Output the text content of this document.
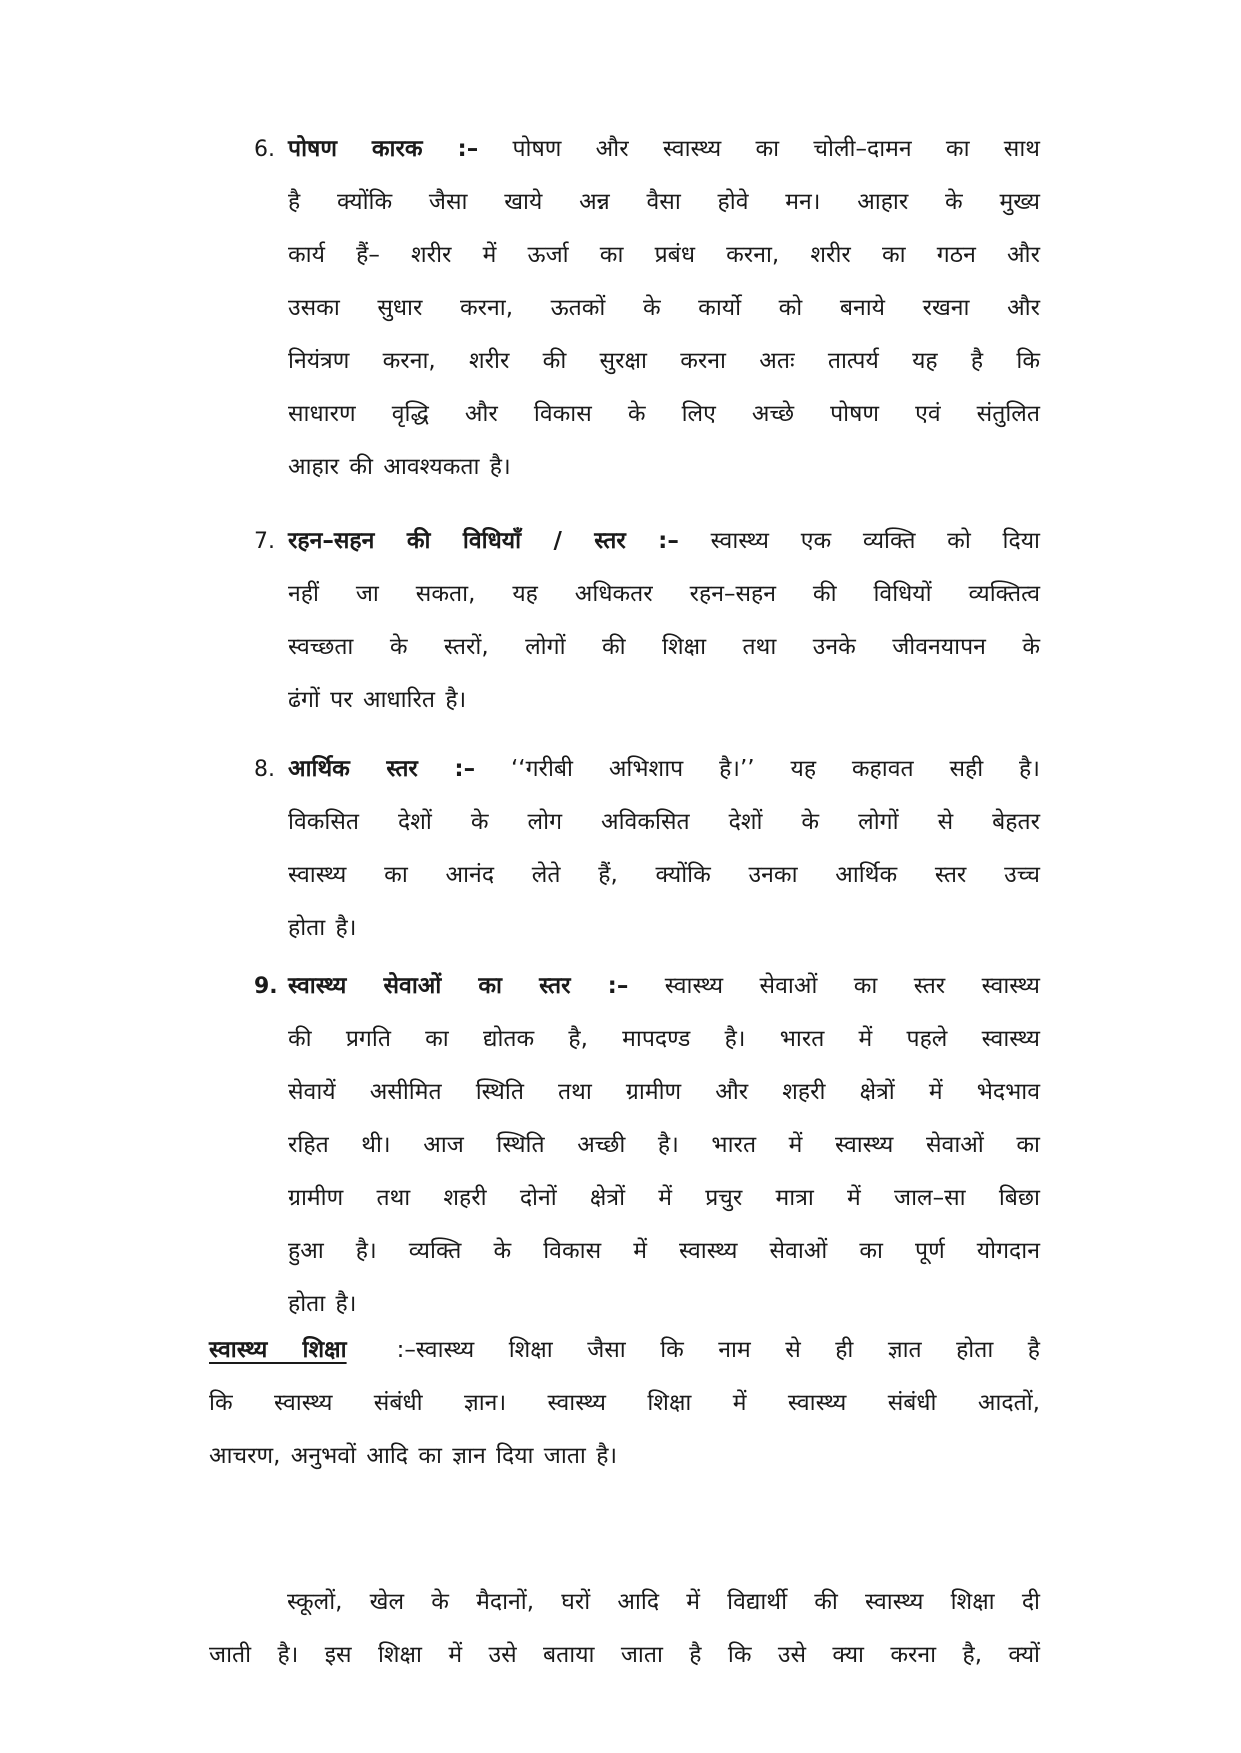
6. पोषण कारक :– पोषण और स्वास्थ्य का चोली–दामन का साथ
है क्योंकि जैसा खाये अन्न वैसा होवे मन। आहार के मुख्य
कार्य हैं– शरीर में ऊर्जा का प्रबंध करना, शरीर का गठन और
उसका सुधार करना, ऊतकों के कार्यो को बनाये रखना और
नियंत्रण करना, शरीर की सुरक्षा करना अतः तात्पर्य यह है कि
साधारण वृद्धि और विकास के लिए अच्छे पोषण एवं संतुलित
आहार की आवश्यकता है।
7. रहन–सहन की विधियाँ / स्तर :– स्वास्थ्य एक व्यक्ति को दिया
नहीं जा सकता, यह अधिकतर रहन–सहन की विधियों व्यक्तित्व
स्वच्छता के स्तरों, लोगों की शिक्षा तथा उनके जीवनयापन के
ढंगों पर आधारित है।
8. आर्थिक स्तर :– ‘‘गरीबी अभिशाप है।’’ यह कहावत सही है।
विकसित देशों के लोग अविकसित देशों के लोगों से बेहतर
स्वास्थ्य का आनंद लेते हैं, क्योंकि उनका आर्थिक स्तर उच्च
होता है।
9. स्वास्थ्य सेवाओं का स्तर :– स्वास्थ्य सेवाओं का स्तर स्वास्थ्य
की प्रगति का द्योतक है, मापदण्ड है। भारत में पहले स्वास्थ्य
सेवायें असीमित स्थिति तथा ग्रामीण और शहरी क्षेत्रों में भेदभाव
रहित थी। आज स्थिति अच्छी है। भारत में स्वास्थ्य सेवाओं का
ग्रामीण तथा शहरी दोनों क्षेत्रों में प्रचुर मात्रा में जाल–सा बिछा
हुआ है। व्यक्ति के विकास में स्वास्थ्य सेवाओं का पूर्ण योगदान
होता है।
स्वास्थ्य शिक्षा :–स्वास्थ्य शिक्षा जैसा कि नाम से ही ज्ञात होता है
कि स्वास्थ्य संबंधी ज्ञान। स्वास्थ्य शिक्षा में स्वास्थ्य संबंधी आदतों,
आचरण, अनुभवों आदि का ज्ञान दिया जाता है।
स्कूलों, खेल के मैदानों, घरों आदि में विद्यार्थी की स्वास्थ्य शिक्षा दी
जाती है। इस शिक्षा में उसे बताया जाता है कि उसे क्या करना है, क्यों
